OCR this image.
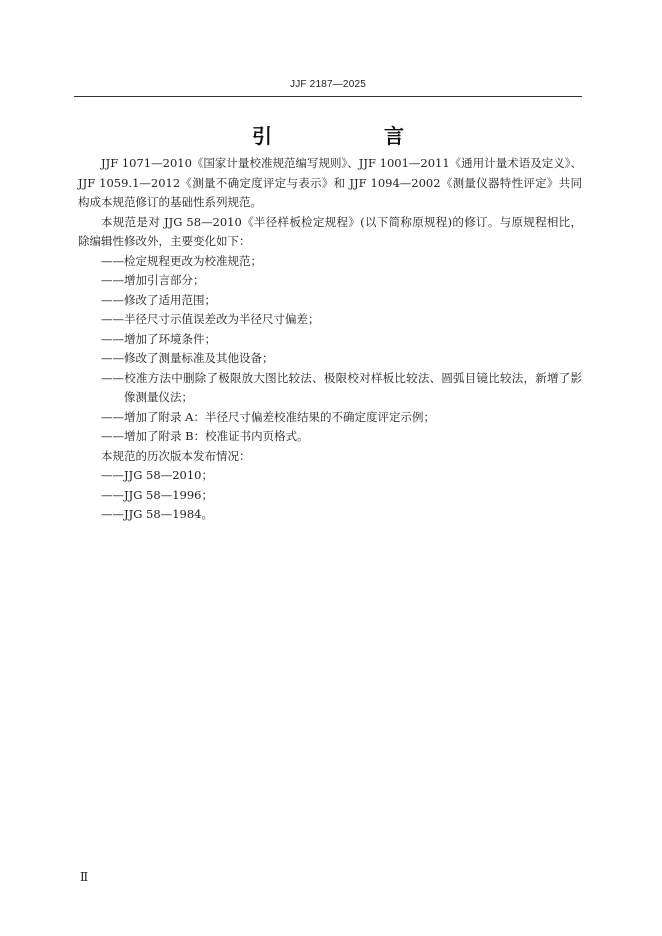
JJF 2187—2025
引　言

JJF 1071—2010《国家计量校准规范编写规则》、JJF 1001—2011《通用计量术语及定义》、JJF 1059.1—2012《测量不确定度评定与表示》和 JJF 1094—2002《测量仪器特性评定》共同构成本规范修订的基础性系列规范。

本规范是对 JJG 58—2010《半径样板检定规程》(以下简称原规程)的修订。与原规程相比，除编辑性修改外，主要变化如下：

——检定规程更改为校准规范；

——增加引言部分；

——修改了适用范围；

——半径尺寸示值误差改为半径尺寸偏差；

——增加了环境条件；

——修改了测量标准及其他设备；

——校准方法中删除了极限放大图比较法、极限校对样板比较法、圆弧目镜比较法，新增了影像测量仪法；

——增加了附录 A：半径尺寸偏差校准结果的不确定度评定示例；

——增加了附录 B：校准证书内页格式。

本规范的历次版本发布情况：

——JJG 58—2010；

——JJG 58—1996；

——JJG 58—1984。

Ⅱ
